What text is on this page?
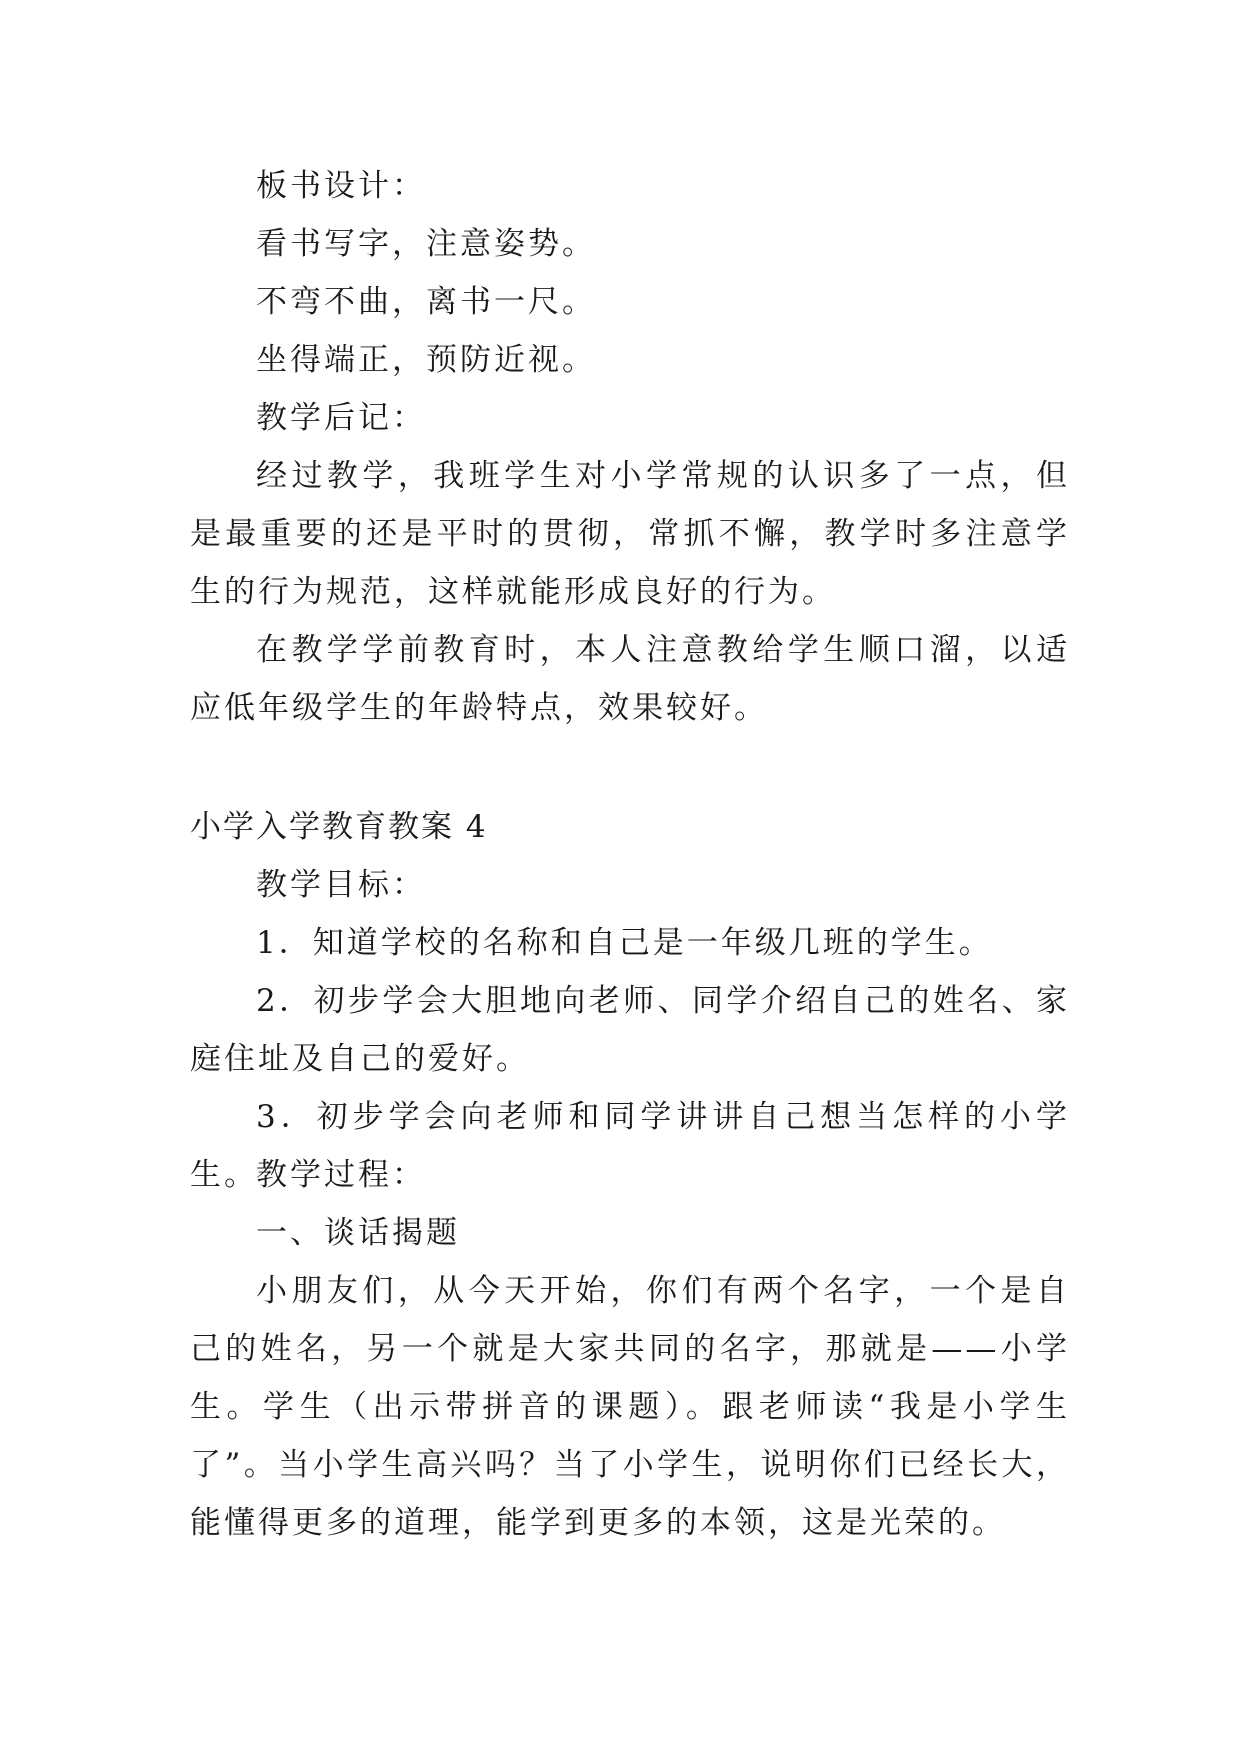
板书设计：

看书写字，注意姿势。

不弯不曲，离书一尺。

坐得端正，预防近视。

教学后记：

经过教学，我班学生对小学常规的认识多了一点，但是最重要的还是平时的贯彻，常抓不懈，教学时多注意学生的行为规范，这样就能形成良好的行为。

在教学学前教育时，本人注意教给学生顺口溜，以适应低年级学生的年龄特点，效果较好。

小学入学教育教案 4

教学目标：

1．知道学校的名称和自己是一年级几班的学生。

2．初步学会大胆地向老师、同学介绍自己的姓名、家庭住址及自己的爱好。

3．初步学会向老师和同学讲讲自己想当怎样的小学生。

教学过程：

一、谈话揭题

小朋友们，从今天开始，你们有两个名字，一个是自己的姓名，另一个就是大家共同的名字，那就是——小学生。学生（出示带拼音的课题）。跟老师读“我是小学生了”。当小学生高兴吗？当了小学生，说明你们已经长大，能懂得更多的道理，能学到更多的本领，这是光荣的。
